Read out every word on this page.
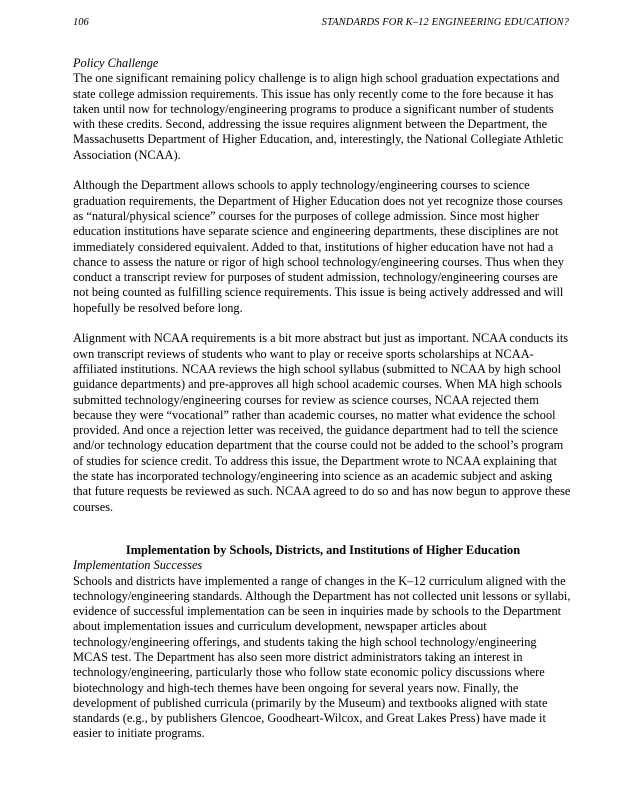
106	STANDARDS FOR K–12 ENGINEERING EDUCATION?

Policy Challenge

The one significant remaining policy challenge is to align high school graduation expectations and state college admission requirements. This issue has only recently come to the fore because it has taken until now for technology/engineering programs to produce a significant number of students with these credits. Second, addressing the issue requires alignment between the Department, the Massachusetts Department of Higher Education, and, interestingly, the National Collegiate Athletic Association (NCAA).

Although the Department allows schools to apply technology/engineering courses to science graduation requirements, the Department of Higher Education does not yet recognize those courses as “natural/physical science” courses for the purposes of college admission. Since most higher education institutions have separate science and engineering departments, these disciplines are not immediately considered equivalent. Added to that, institutions of higher education have not had a chance to assess the nature or rigor of high school technology/engineering courses. Thus when they conduct a transcript review for purposes of student admission, technology/engineering courses are not being counted as fulfilling science requirements. This issue is being actively addressed and will hopefully be resolved before long.

Alignment with NCAA requirements is a bit more abstract but just as important. NCAA conducts its own transcript reviews of students who want to play or receive sports scholarships at NCAA-affiliated institutions. NCAA reviews the high school syllabus (submitted to NCAA by high school guidance departments) and pre-approves all high school academic courses. When MA high schools submitted technology/engineering courses for review as science courses, NCAA rejected them because they were “vocational” rather than academic courses, no matter what evidence the school provided. And once a rejection letter was received, the guidance department had to tell the science and/or technology education department that the course could not be added to the school’s program of studies for science credit. To address this issue, the Department wrote to NCAA explaining that the state has incorporated technology/engineering into science as an academic subject and asking that future requests be reviewed as such. NCAA agreed to do so and has now begun to approve these courses.

Implementation by Schools, Districts, and Institutions of Higher Education

Implementation Successes

Schools and districts have implemented a range of changes in the K–12 curriculum aligned with the technology/engineering standards. Although the Department has not collected unit lessons or syllabi, evidence of successful implementation can be seen in inquiries made by schools to the Department about implementation issues and curriculum development, newspaper articles about technology/engineering offerings, and students taking the high school technology/engineering MCAS test. The Department has also seen more district administrators taking an interest in technology/engineering, particularly those who follow state economic policy discussions where biotechnology and high-tech themes have been ongoing for several years now. Finally, the development of published curricula (primarily by the Museum) and textbooks aligned with state standards (e.g., by publishers Glencoe, Goodheart-Wilcox, and Great Lakes Press) have made it easier to initiate programs.
